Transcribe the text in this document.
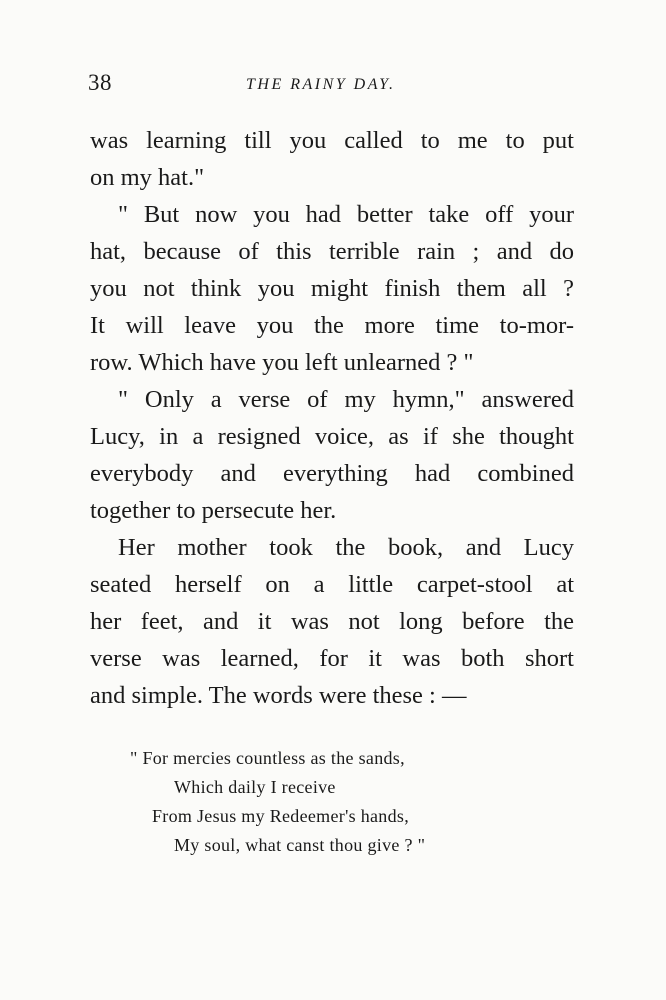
38	THE RAINY DAY.
was learning till you called to me to put
on my hat."
" But now you had better take off your
hat, because of this terrible rain ; and do
you not think you might finish them all ?
It will leave you the more time to-mor-
row. Which have you left unlearned ? "
" Only a verse of my hymn," answered
Lucy, in a resigned voice, as if she thought
everybody and everything had combined
together to persecute her.
Her mother took the book, and Lucy
seated herself on a little carpet-stool at
her feet, and it was not long before the
verse was learned, for it was both short
and simple. The words were these : —
" For mercies countless as the sands,
Which daily I receive
From Jesus my Redeemer's hands,
My soul, what canst thou give ? "
